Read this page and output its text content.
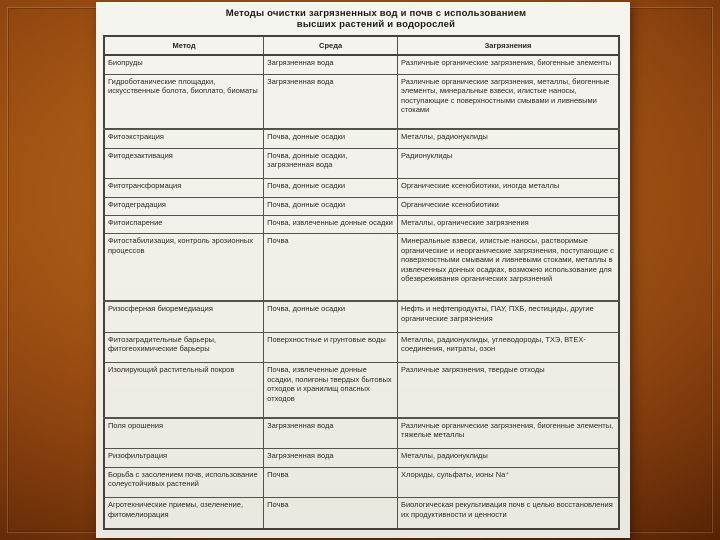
Методы очистки загрязненных вод и почв с использованием
высших растений и водорослей
Метод	Среда	Загрязнения
Биопруды	Загрязненная вода	Различные органические загрязнения, биогенные элементы
Гидроботанические площадки, искусственные болота, биоплато, биоматы	Загрязненная вода	Различные органические загрязнения, металлы, биогенные элементы, минеральные взвеси, илистые наносы, поступающие с поверхностными смывами и ливневыми стоками
Фитоэкстракция	Почва, донные осадки	Металлы, радионуклиды
Фитодезактивация	Почва, донные осадки, загрязненная вода	Радионуклиды
Фитотрансформация	Почва, донные осадки	Органические ксенобиотики, иногда металлы
Фитодеградация	Почва, донные осадки	Органические ксенобиотики
Фитоиспарение	Почва, извлеченные донные осадки	Металлы, органические загрязнения
Фитостабилизация, контроль эрозионных процессов	Почва	Минеральные взвеси, илистые наносы, растворимые органические и неорганические загрязнения, поступающие с поверхностными смывами и ливневыми стоками, металлы в извлеченных донных осадках, возможно использование для обезвреживания органических загрязнений
Ризосферная биоремедиация	Почва, донные осадки	Нефть и нефтепродукты, ПАУ, ПХБ, пестициды, другие органические загрязнения
Фитозаградительные барьеры, фитогеохимические барьеры	Поверхностные и грунтовые воды	Металлы, радионуклиды, углеводороды, ТХЭ, ВТЕХ-соединения, нитраты, озон
Изолирующий растительный покров	Почва, извлеченные донные осадки, полигоны твердых бытовых отходов и хранилищ опасных отходов	Различные загрязнения, твердые отходы
Поля орошения	Загрязненная вода	Различные органические загрязнения, биогенные элементы, тяжелые металлы
Ризофильтрация	Загрязненная вода	Металлы, радионуклиды
Борьба с засолением почв, использование солеустойчивых растений	Почва	Хлориды, сульфаты, ионы Na⁺
Агротехнические приемы, озеленение, фитомелиорация	Почва	Биологическая рекультивация почв с целью восстановления их продуктивности и ценности
